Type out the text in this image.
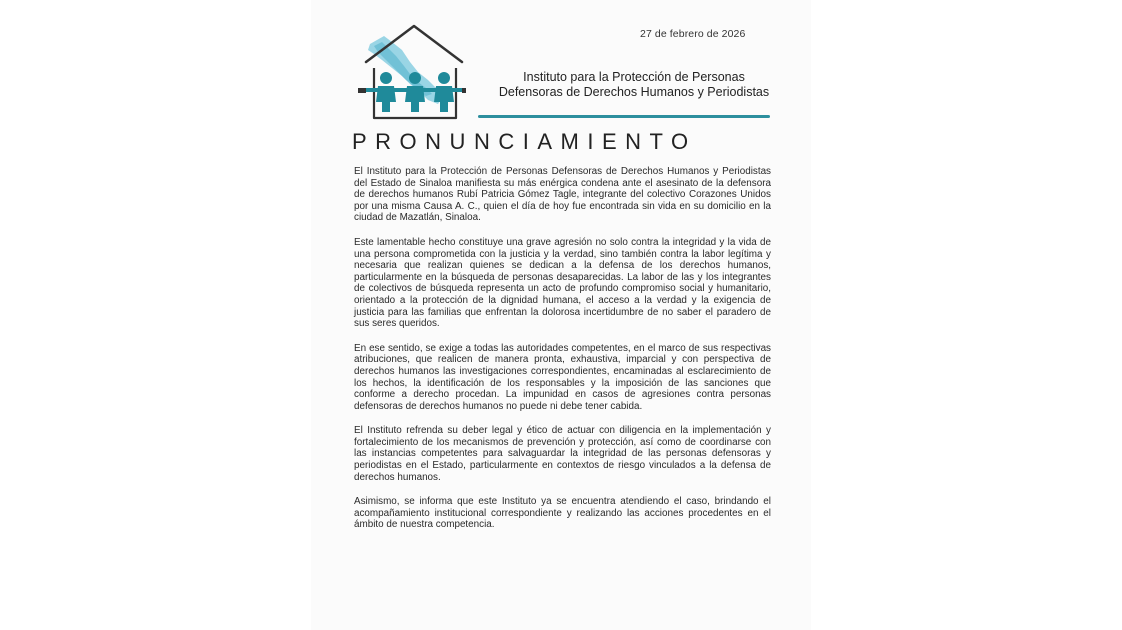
27 de febrero de 2026
Instituto para la Protección de Personas
Defensoras de Derechos Humanos y Periodistas
PRONUNCIAMIENTO

El Instituto para la Protección de Personas Defensoras de Derechos Humanos y Periodistas del Estado de Sinaloa manifiesta su más enérgica condena ante el asesinato de la defensora de derechos humanos Rubí Patricia Gómez Tagle, integrante del colectivo Corazones Unidos por una misma Causa A. C., quien el día de hoy fue encontrada sin vida en su domicilio en la ciudad de Mazatlán, Sinaloa.

Este lamentable hecho constituye una grave agresión no solo contra la integridad y la vida de una persona comprometida con la justicia y la verdad, sino también contra la labor legítima y necesaria que realizan quienes se dedican a la defensa de los derechos humanos, particularmente en la búsqueda de personas desaparecidas. La labor de las y los integrantes de colectivos de búsqueda representa un acto de profundo compromiso social y humanitario, orientado a la protección de la dignidad humana, el acceso a la verdad y la exigencia de justicia para las familias que enfrentan la dolorosa incertidumbre de no saber el paradero de sus seres queridos.

En ese sentido, se exige a todas las autoridades competentes, en el marco de sus respectivas atribuciones, que realicen de manera pronta, exhaustiva, imparcial y con perspectiva de derechos humanos las investigaciones correspondientes, encaminadas al esclarecimiento de los hechos, la identificación de los responsables y la imposición de las sanciones que conforme a derecho procedan. La impunidad en casos de agresiones contra personas defensoras de derechos humanos no puede ni debe tener cabida.

El Instituto refrenda su deber legal y ético de actuar con diligencia en la implementación y fortalecimiento de los mecanismos de prevención y protección, así como de coordinarse con las instancias competentes para salvaguardar la integridad de las personas defensoras y periodistas en el Estado, particularmente en contextos de riesgo vinculados a la defensa de derechos humanos.

Asimismo, se informa que este Instituto ya se encuentra atendiendo el caso, brindando el acompañamiento institucional correspondiente y realizando las acciones procedentes en el ámbito de nuestra competencia.
